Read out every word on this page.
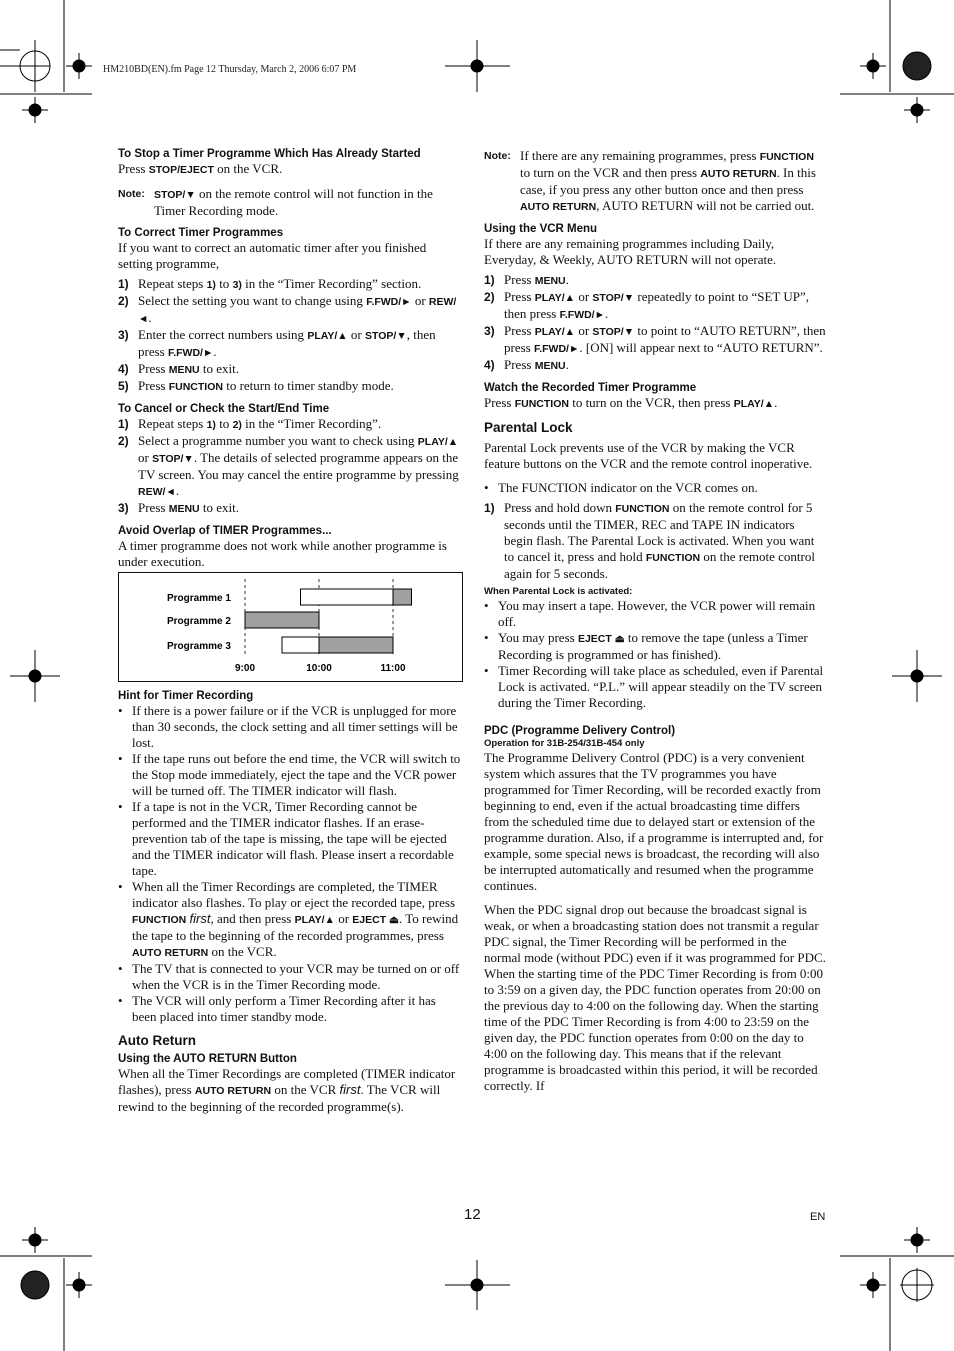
HM210BD(EN).fm Page 12 Thursday, March 2, 2006 6:07 PM
To Stop a Timer Programme Which Has Already Started

Press STOP/EJECT on the VCR.

Note: STOP/▼ on the remote control will not function in the Timer Recording mode.
To Correct Timer Programmes

If you want to correct an automatic timer after you finished setting programme,

1) Repeat steps 1) to 3) in the “Timer Recording” section.
2) Select the setting you want to change using F.FWD/► or REW/◄.
3) Enter the correct numbers using PLAY/▲ or STOP/▼, then press F.FWD/►.
4) Press MENU to exit.
5) Press FUNCTION to return to timer standby mode.
To Cancel or Check the Start/End Time
1) Repeat steps 1) to 2) in the “Timer Recording”.
2) Select a programme number you want to check using PLAY/▲ or STOP/▼. The details of selected programme appears on the TV screen. You may cancel the entire programme by pressing REW/◄.
3) Press MENU to exit.
Avoid Overlap of TIMER Programmes...

A timer programme does not work while another programme is under execution.

Programme 1
Programme 2
Programme 3
9:00	10:00	11:00
Hint for Timer Recording
• If there is a power failure or if the VCR is unplugged for more than 30 seconds, the clock setting and all timer settings will be lost.
• If the tape runs out before the end time, the VCR will switch to the Stop mode immediately, eject the tape and the VCR power will be turned off. The TIMER indicator will flash.
• If a tape is not in the VCR, Timer Recording cannot be performed and the TIMER indicator flashes. If an erase-prevention tab of the tape is missing, the tape will be ejected and the TIMER indicator will flash. Please insert a recordable tape.
• When all the Timer Recordings are completed, the TIMER indicator also flashes. To play or eject the recorded tape, press FUNCTION first, and then press PLAY/▲ or EJECT ⏏. To rewind the tape to the beginning of the recorded programmes, press AUTO RETURN on the VCR.
• The TV that is connected to your VCR may be turned on or off when the VCR is in the Timer Recording mode.
• The VCR will only perform a Timer Recording after it has been placed into timer standby mode.
Auto Return
Using the AUTO RETURN Button

When all the Timer Recordings are completed (TIMER indicator flashes), press AUTO RETURN on the VCR first. The VCR will rewind to the beginning of the recorded programme(s).

Note: If there are any remaining programmes, press FUNCTION to turn on the VCR and then press AUTO RETURN. In this case, if you press any other button once and then press AUTO RETURN, AUTO RETURN will not be carried out.
Using the VCR Menu

If there are any remaining programmes including Daily, Everyday, & Weekly, AUTO RETURN will not operate.

1) Press MENU.
2) Press PLAY/▲ or STOP/▼ repeatedly to point to “SET UP”, then press F.FWD/►.
3) Press PLAY/▲ or STOP/▼ to point to “AUTO RETURN”, then press F.FWD/►. [ON] will appear next to “AUTO RETURN”.
4) Press MENU.
Watch the Recorded Timer Programme

Press FUNCTION to turn on the VCR, then press PLAY/▲.

Parental Lock

Parental Lock prevents use of the VCR by making the VCR feature buttons on the VCR and the remote control inoperative.

• The FUNCTION indicator on the VCR comes on.
1) Press and hold down FUNCTION on the remote control for 5 seconds until the TIMER, REC and TAPE IN indicators begin flash. The Parental Lock is activated. When you want to cancel it, press and hold FUNCTION on the remote control again for 5 seconds.

When Parental Lock is activated:

• You may insert a tape. However, the VCR power will remain off.
• You may press EJECT ⏏ to remove the tape (unless a Timer Recording is programmed or has finished).
• Timer Recording will take place as scheduled, even if Parental Lock is activated. “P.L.” will appear steadily on the TV screen during the Timer Recording.
PDC (Programme Delivery Control)

Operation for 31B-254/31B-454 only

The Programme Delivery Control (PDC) is a very convenient system which assures that the TV programmes you have programmed for Timer Recording, will be recorded exactly from beginning to end, even if the actual broadcasting time differs from the scheduled time due to delayed start or extension of the programme duration. Also, if a programme is interrupted and, for example, some special news is broadcast, the recording will also be interrupted automatically and resumed when the programme continues.

When the PDC signal drop out because the broadcast signal is weak, or when a broadcasting station does not transmit a regular PDC signal, the Timer Recording will be performed in the normal mode (without PDC) even if it was programmed for PDC. When the starting time of the PDC Timer Recording is from 0:00 to 3:59 on a given day, the PDC function operates from 20:00 on the previous day to 4:00 on the following day. When the starting time of the PDC Timer Recording is from 4:00 to 23:59 on the given day, the PDC function operates from 0:00 on the day to 4:00 on the following day. This means that if the relevant programme is broadcasted within this period, it will be recorded correctly. If

12	EN
